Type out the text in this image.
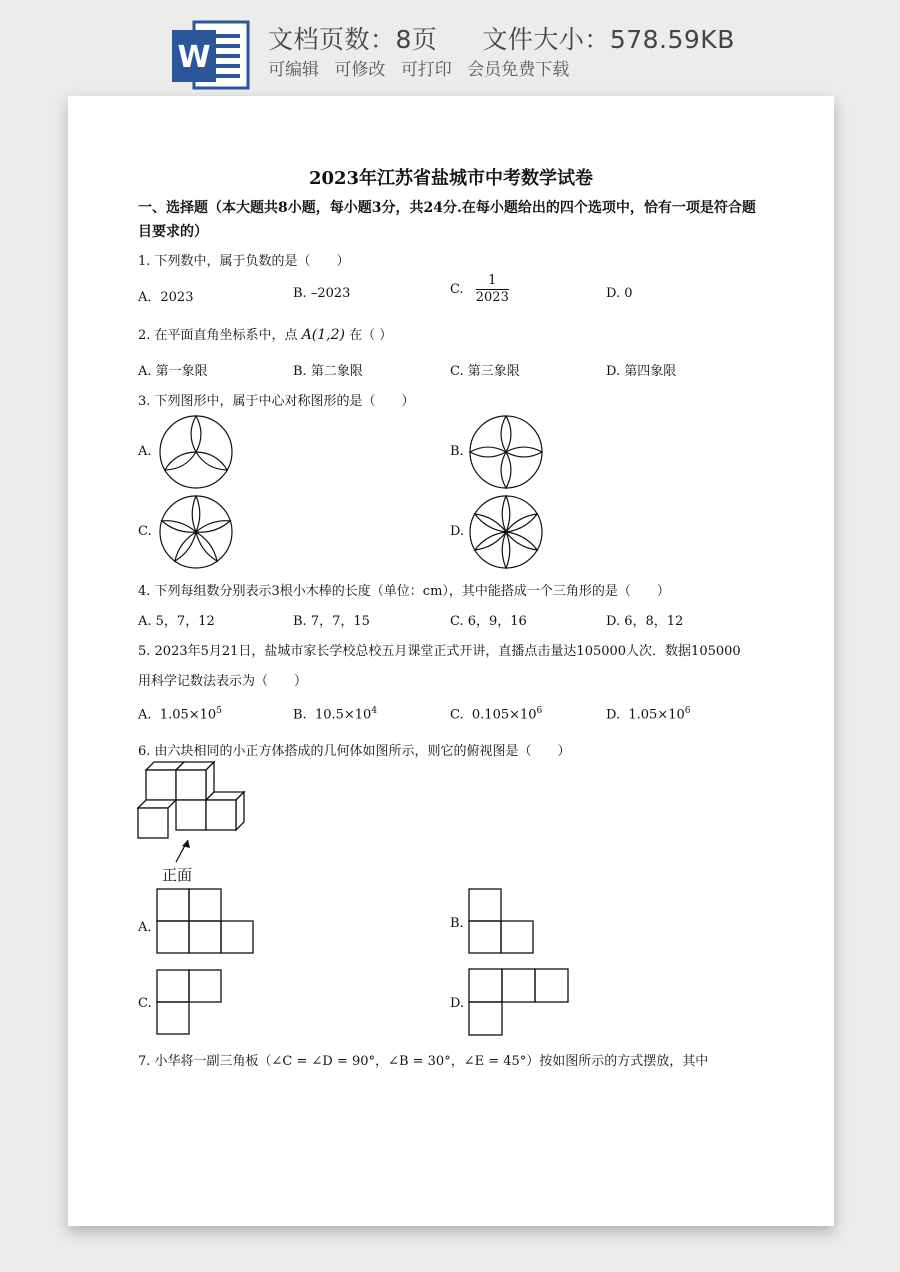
W
文档页数：8页 文件大小：578.59KB
可编辑 可修改 可打印 会员免费下载
2023年江苏省盐城市中考数学试卷
一、选择题（本大题共8小题，每小题3分，共24分.在每小题给出的四个选项中，恰有一项是符合题目要求的）
1. 下列数中，属于负数的是（　　）
A．2023	B. –2023	C. $\frac{1}{2023}$	D. 0
2. 在平面直角坐标系中，点 A(1,2) 在（ ）
A. 第一象限	B. 第二象限	C. 第三象限	D. 第四象限
3. 下列图形中，属于中心对称图形的是（　　）
A.	B.
C.	D.
4. 下列每组数分别表示3根小木棒的长度（单位：cm），其中能搭成一个三角形的是（　　）
A. 5，7，12	B. 7，7，15	C. 6，9，16	D. 6，8，12
5. 2023年5月21日，盐城市家长学校总校五月课堂正式开讲，直播点击量达105000人次．数据105000
用科学记数法表示为（　　）
A. $1.05\times 10^5$	B. $10.5\times 10^4$	C. $0.105\times 10^6$	D. $1.05\times 10^6$
6. 由六块相同的小正方体搭成的几何体如图所示，则它的俯视图是（　　）
正面
A．	B.
C.	D.
7. 小华将一副三角板（∠C = ∠D = 90°，∠B = 30°，∠E = 45°）按如图所示的方式摆放，其中
